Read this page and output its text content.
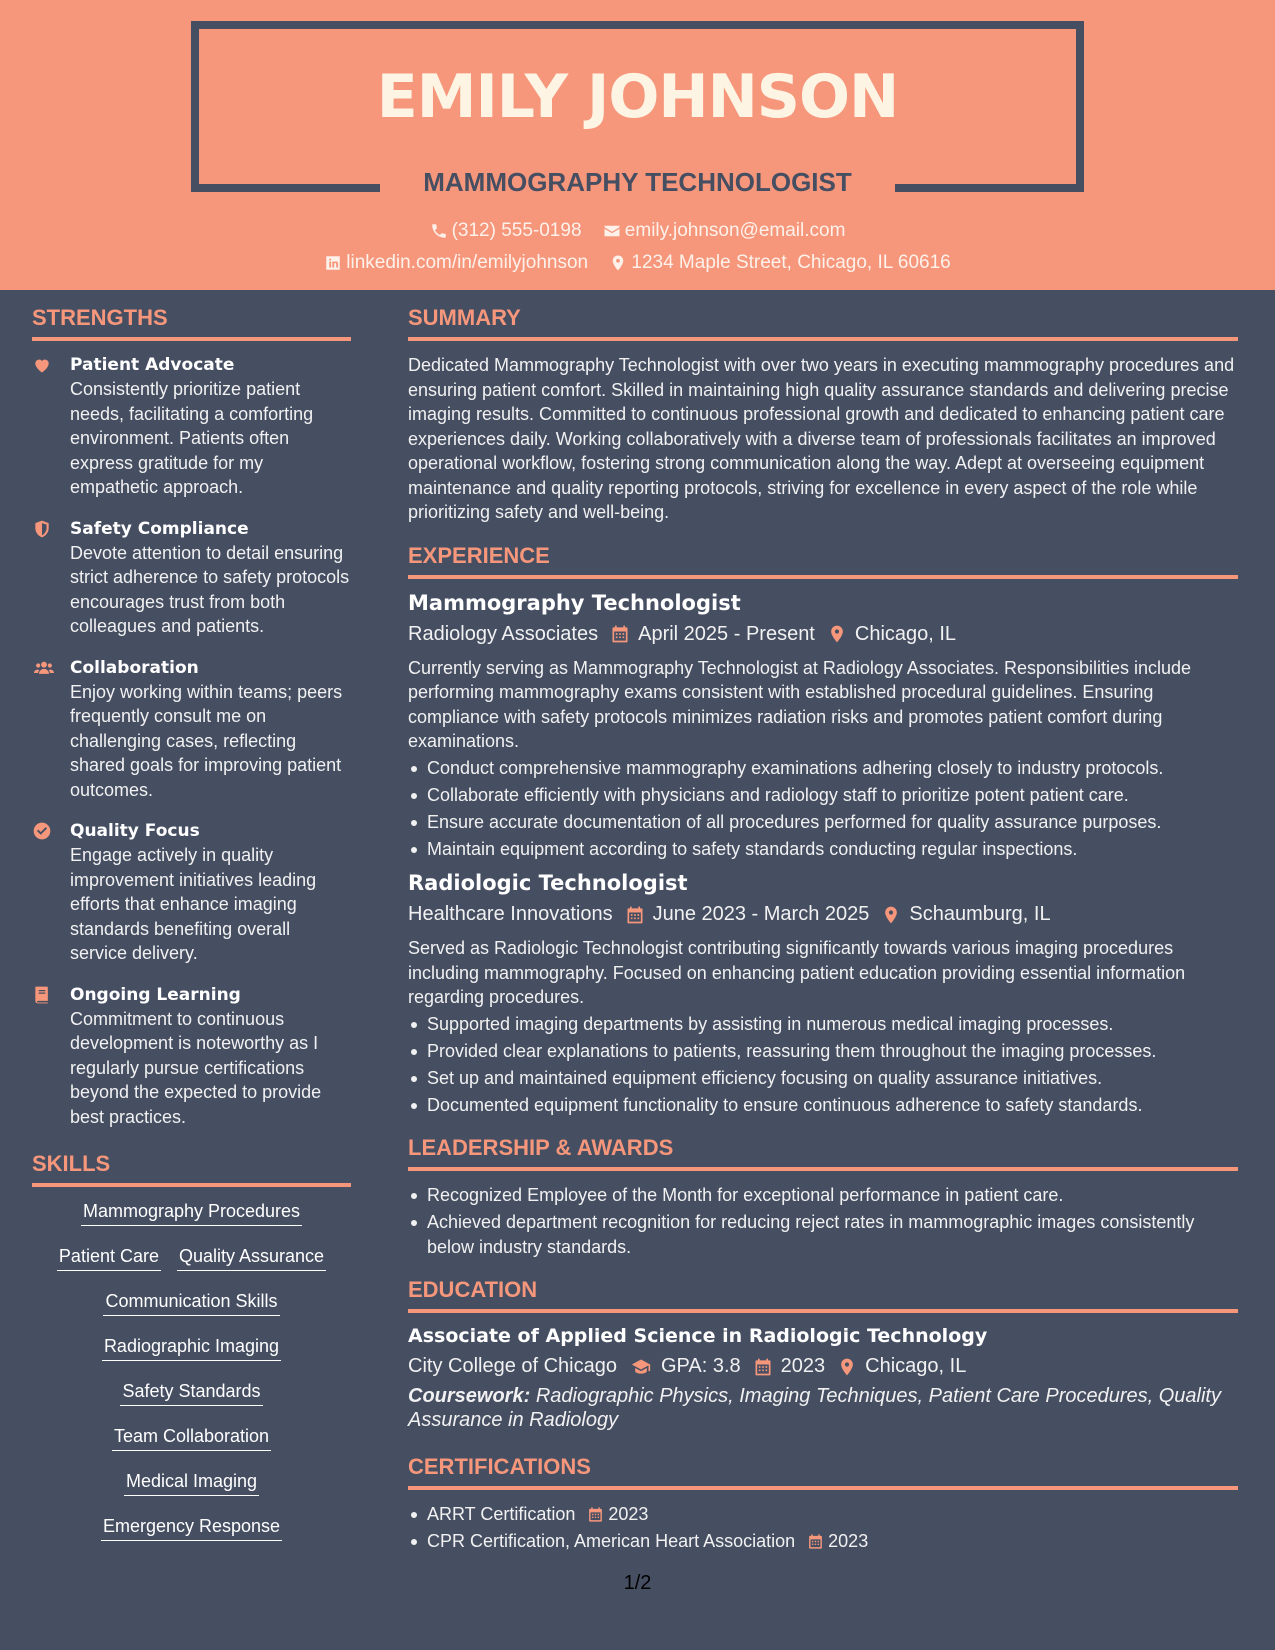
EMILY JOHNSON
MAMMOGRAPHY TECHNOLOGIST
(312) 555-0198
emily.johnson@email.com
linkedin.com/in/emilyjohnson
1234 Maple Street, Chicago, IL 60616
STRENGTHS
Patient Advocate
Consistently prioritize patient needs, facilitating a comforting environment. Patients often express gratitude for my empathetic approach.
Safety Compliance
Devote attention to detail ensuring strict adherence to safety protocols encourages trust from both colleagues and patients.
Collaboration
Enjoy working within teams; peers frequently consult me on challenging cases, reflecting shared goals for improving patient outcomes.
Quality Focus
Engage actively in quality improvement initiatives leading efforts that enhance imaging standards benefiting overall service delivery.
Ongoing Learning
Commitment to continuous development is noteworthy as I regularly pursue certifications beyond the expected to provide best practices.
SKILLS
Mammography Procedures
Patient Care Quality Assurance
Communication Skills
Radiographic Imaging
Safety Standards
Team Collaboration
Medical Imaging
Emergency Response
SUMMARY
Dedicated Mammography Technologist with over two years in executing mammography procedures and ensuring patient comfort. Skilled in maintaining high quality assurance standards and delivering precise imaging results. Committed to continuous professional growth and dedicated to enhancing patient care experiences daily. Working collaboratively with a diverse team of professionals facilitates an improved operational workflow, fostering strong communication along the way. Adept at overseeing equipment maintenance and quality reporting protocols, striving for excellence in every aspect of the role while prioritizing safety and well-being.
EXPERIENCE
Mammography Technologist
Radiology Associates April 2025 - Present Chicago, IL
Currently serving as Mammography Technologist at Radiology Associates. Responsibilities include performing mammography exams consistent with established procedural guidelines. Ensuring compliance with safety protocols minimizes radiation risks and promotes patient comfort during examinations.
Conduct comprehensive mammography examinations adhering closely to industry protocols.
Collaborate efficiently with physicians and radiology staff to prioritize potent patient care.
Ensure accurate documentation of all procedures performed for quality assurance purposes.
Maintain equipment according to safety standards conducting regular inspections.
Radiologic Technologist
Healthcare Innovations June 2023 - March 2025 Schaumburg, IL
Served as Radiologic Technologist contributing significantly towards various imaging procedures including mammography. Focused on enhancing patient education providing essential information regarding procedures.
Supported imaging departments by assisting in numerous medical imaging processes.
Provided clear explanations to patients, reassuring them throughout the imaging processes.
Set up and maintained equipment efficiency focusing on quality assurance initiatives.
Documented equipment functionality to ensure continuous adherence to safety standards.
LEADERSHIP & AWARDS
Recognized Employee of the Month for exceptional performance in patient care.
Achieved department recognition for reducing reject rates in mammographic images consistently below industry standards.
EDUCATION
Associate of Applied Science in Radiologic Technology
City College of Chicago GPA: 3.8 2023 Chicago, IL
Coursework: Radiographic Physics, Imaging Techniques, Patient Care Procedures, Quality Assurance in Radiology
CERTIFICATIONS
ARRT Certification 2023
CPR Certification, American Heart Association 2023
1/2
